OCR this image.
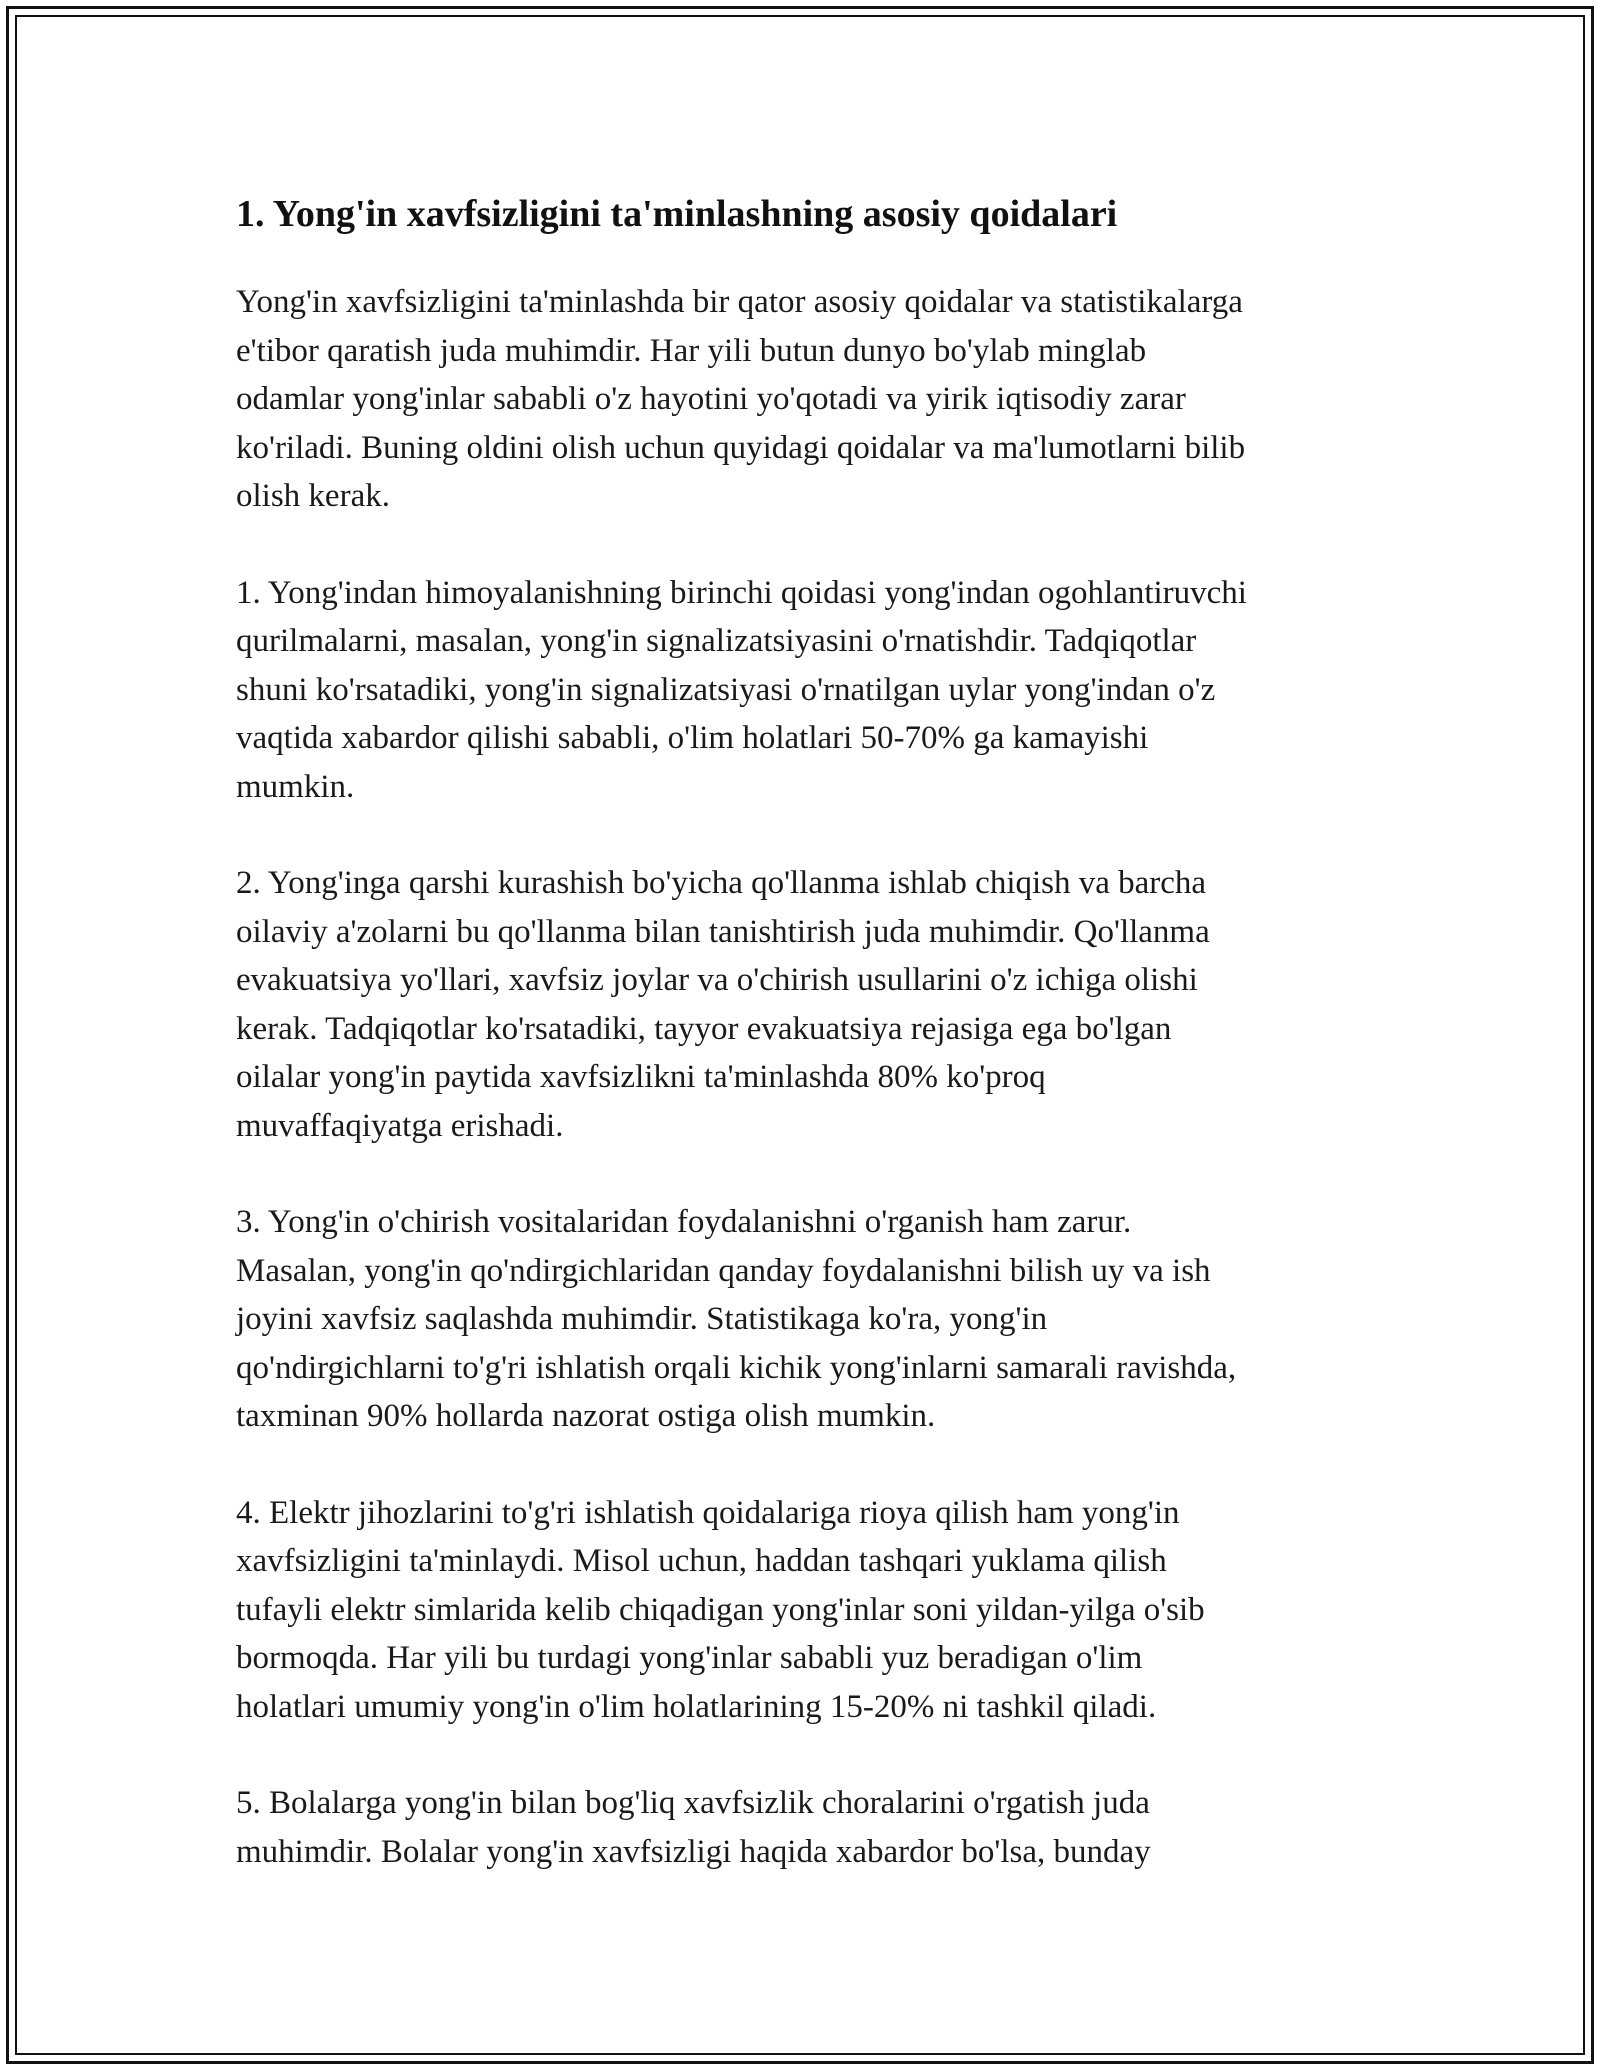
1. Yong'in xavfsizligini ta'minlashning asosiy qoidalari

Yong'in xavfsizligini ta'minlashda bir qator asosiy qoidalar va statistikalarga
e'tibor qaratish juda muhimdir. Har yili butun dunyo bo'ylab minglab
odamlar yong'inlar sababli o'z hayotini yo'qotadi va yirik iqtisodiy zarar
ko'riladi. Buning oldini olish uchun quyidagi qoidalar va ma'lumotlarni bilib
olish kerak.

1. Yong'indan himoyalanishning birinchi qoidasi yong'indan ogohlantiruvchi
qurilmalarni, masalan, yong'in signalizatsiyasini o'rnatishdir. Tadqiqotlar
shuni ko'rsatadiki, yong'in signalizatsiyasi o'rnatilgan uylar yong'indan o'z
vaqtida xabardor qilishi sababli, o'lim holatlari 50-70% ga kamayishi
mumkin.

2. Yong'inga qarshi kurashish bo'yicha qo'llanma ishlab chiqish va barcha
oilaviy a'zolarni bu qo'llanma bilan tanishtirish juda muhimdir. Qo'llanma
evakuatsiya yo'llari, xavfsiz joylar va o'chirish usullarini o'z ichiga olishi
kerak. Tadqiqotlar ko'rsatadiki, tayyor evakuatsiya rejasiga ega bo'lgan
oilalar yong'in paytida xavfsizlikni ta'minlashda 80% ko'proq
muvaffaqiyatga erishadi.

3. Yong'in o'chirish vositalaridan foydalanishni o'rganish ham zarur.
Masalan, yong'in qo'ndirgichlaridan qanday foydalanishni bilish uy va ish
joyini xavfsiz saqlashda muhimdir. Statistikaga ko'ra, yong'in
qo'ndirgichlarni to'g'ri ishlatish orqali kichik yong'inlarni samarali ravishda,
taxminan 90% hollarda nazorat ostiga olish mumkin.

4. Elektr jihozlarini to'g'ri ishlatish qoidalariga rioya qilish ham yong'in
xavfsizligini ta'minlaydi. Misol uchun, haddan tashqari yuklama qilish
tufayli elektr simlarida kelib chiqadigan yong'inlar soni yildan-yilga o'sib
bormoqda. Har yili bu turdagi yong'inlar sababli yuz beradigan o'lim
holatlari umumiy yong'in o'lim holatlarining 15-20% ni tashkil qiladi.

5. Bolalarga yong'in bilan bog'liq xavfsizlik choralarini o'rgatish juda
muhimdir. Bolalar yong'in xavfsizligi haqida xabardor bo'lsa, bunday
